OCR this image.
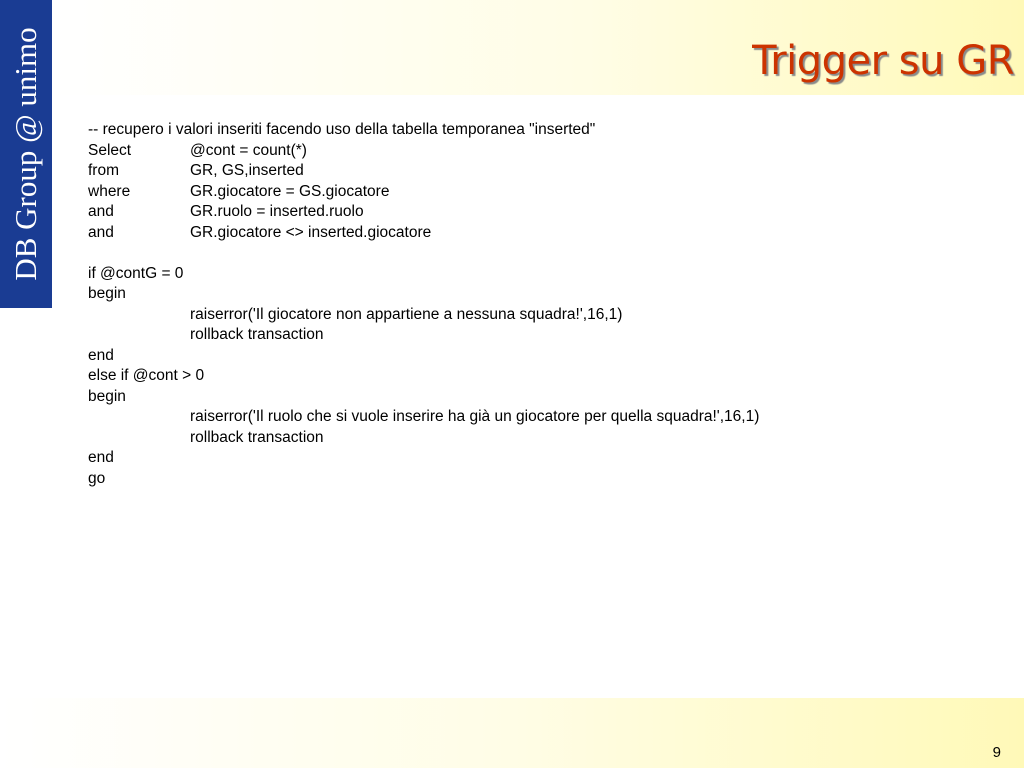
DB Group @ unimo	Trigger su GR
-- recupero i valori inseriti facendo uso della tabella temporanea "inserted"
Select	@cont = count(*)
from	GR, GS,inserted
where	GR.giocatore = GS.giocatore
and	GR.ruolo = inserted.ruolo
and	GR.giocatore <> inserted.giocatore
if @contG = 0
begin
raiserror('Il giocatore non appartiene a nessuna squadra!',16,1)
rollback transaction
end
else if @cont > 0
begin
raiserror('Il ruolo che si vuole inserire ha già un giocatore per quella squadra!',16,1)
rollback transaction
end
go
9
